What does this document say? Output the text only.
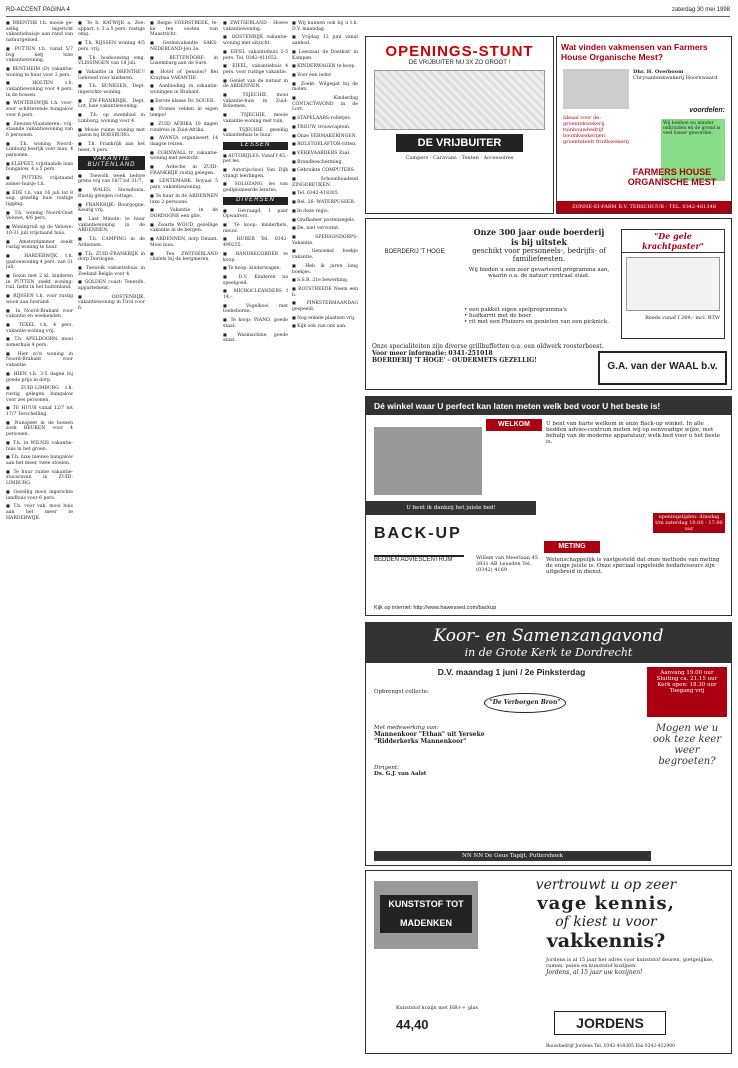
RD-ACCENT PAGINA 4	zaterdag 30 mei 1998

■ DRENTHE t.h. mooie ge-zellig ingericht vakantiehuisje aan rand van natuurgebied.

■ PUTTEN t.h. vanaf 5/7 bvg netj luxe vakantiewoning.

■ BENTHEIM (D) vakantie-woning te huur voor 2 pers.

■ HOLTEN t.h. vakantiewoning voor 4 pers. in de bossen.

■ WINTERSWIJK t.h. voor-zoor schitterende bungalow voor 6 pers.

■ Zeeuws-Vlaanderen: vrij-staande vakantiewoning van 6 personen.

■ T.h. woning Noord-Limburg bosrijk voor max. 4 personen.

■ ELSPEET, vrijstaande luxe bungalow, 4 a 5 pers.

■ PUTTEN, vrijstaand zomer-huisje t.h.

■ EDE t.h. van 16 juli tot 8 aug. gezellig huis rustige ligging.

■ T.h. woning Noord-Oost Veluwe, 4/6 pers.

■ Woningruil op de Veluwe: 10-31 juli vrijstaand huis.

■ Amsterdammer zoekt rustig woning te huur.

■ HARDERWIJK t.h. gastoewoning 4 pers. van 31 juli.

■ Gezin met 2 kl. kinderen in PUTTEN zoekt woning-ruil, liefst in het buitenland.

■ RIJSSEN t.h. voor rustig woon aan bosrand.

■ In Noord-Brabant voor vakantie en weekenden.

■ TEXEL t.h. 4 pers. vakantie-woning vrij.

■ T.h. APELDOORN: mooi zomerhuis 4 pers.

■ Hier zo'n woning in Noord-Brabant voor vakantie.

■ HIEN t.h. 3-5 dagen bij goede prijs in dorp.

■ ZUID-LIMBURG t.h. rustig gelegen bungalow voor zes personen.

■ TE HUUR vanaf 12/7 tot 17/7 Terschelling.

■ Nunspeet in de bossen zoek BEUKEN voor 4 personen.

■ T.h. in WILNIS vakantie-huis in het groen.

■ T.h. luxe nieuwe bungalow aan het meer, twee stoelen.

■ Te huur ruime vakantie-stacaravan in ZUID-LIMBURG.

■ Gezellig mooi ingerichte landhuis voor 6 pers.

■ T.h. voor vak. mooi huis aan het meer te HARDERWIJK.

■ Te h. KATWIJK a. Zee: appart. v. 3 a 5 pers. rustige omg.

■ T.h. RIJSSEN woning 4/5 pers. vrij.

■ T.h. bosbouwing omg. VLISSINGEN van 18 juli.

■ Vakantie in DRENTHE!! Gebroed voor kinderen.

■ T.h. BUNKSEN, Dept. ingerichte woning.

■ ZW-FRANKRIJK, Dept. Lot, luxe vakantiewoning.

■ T.h. op zwembad in Limburg, woning voor 4.

■ Mooie ruime woning met gazon bij DOESBURG.

■ T.h. Frankrijk aan het meer, 8 pers.

VAKANTIE BUITENLAND

■ Tsewolk week before grens vrij van 16/7 tot 31/7.

■ WALES, Snowdonia. Rustig gelegen cottage.

■ FRANKRIJK: Bourgogne. Keurig vrij.

■ Last Minute: te huur vakantiewoning in de ARDENNEN.

■ T.h. CAMPING in de Ardennen.

■ T.h. ZUID-FRANKRIJK in dorp Dordogne.

■ Tsewolk vakantiehuis in Zeeland Belgie voor 4.

■ GOLDEN coast: Tenerife, appartement.

■ OOSTENRIJK, vakantiewoning in Tirol voor 6.

■ Belgie VOERSTREEK, te-ke ten oosten van Maastricht.

■ Gezinsvakantie SAKS-NEDERLAND-Jou 2e.

■ BETTENDORF: in Luxemburg aan de Sure.

■ Hotel of pension? Bel Kraybaa VAKANTIE.

■ Aanbieding in vakantie-woningen in Brabant.

■ Eerste klasse Dr. SOUER.

■ Franse velden in eigen tempo!

■ ZUID AFRIKA 10 dagen rondreis in Zuid-Afrika.

■ AVANTA organiseert 14 daagse reizen.

■ CORNWALL tr. vakantie-woning met zeezicht.

■ Ardeche in ZUID-FRANKRIJK rustig gelegen.

■ LENTEMARK. Royaal 5 pers. vakantiewoning.

■ Te huur in de ARDENNEN luxe 2-persoons.

■ Vakantie in de DORDOGNE een gite.

■ Zwarte WOUD, gezellige vakantie in de bergen.

■ ARDENNEN, dorp Dinant. Mooi huis.

■ Ten ZWITSERLAND chalets bij de bergmeren.

■ ZWITSERLAND - Hoeve vakantiewoning.

■ OOSTENRIJK vakantie-woning met uitzicht.

■ EIFEL vakantiehuis 2-5 pers. Tel. 0342-411652.

■ EIFEL, vakantiehuis 4 pers. voor rustige vakantie.

■ Geniet van de natuur in de ARDENNEN.

■ TSJECHIE, mooi vakantie-huis in Zuid-Bohemen.

■ TSJECHIE, mooie vakantie-woning met tuin.

■ TSJECHIE gezellig vakantiehuis te huur.

LESSEN

■ AUTORIJLES. Vanaf f 45,- per les.

■ Autorijschool Van Dijk vraagt leerlingen.

■ SOLOZANG, les van gediplomeerde lerares.

DIVERSEN

■ Gevraagd, 1 paar Opwalrers.

■ Te koop: kinderfiets, nieuw.

■ HUBER Tel. 0342-490255.

■ BANDRECORDER te koop.

■ Te koop: kinderwagen.

■ D.V. Kinderen na speelgoed.

■ MICROCLEANDERS f 14,-.

■ Vogelkooi met toebehoren.

■ Te koop: PIANO, goede staat.

■ Wasmachine, goede staat.

■ Wij kunnen ook bij u t.h. D.V. maandag.

■ Vrijdag 12 juni vanaf aanbod.

■ Leeszaal 'de Doetkist' in Kampen.

■ KINDERWAGEN te koop.

■ Voor een ieder.

■ Zoekt: Wilgegat bij de molen.

■ Kinderdag CONTACTAVOND in de Lort.

■ STAPELAARS-rolletjes.

■ TROUW, trouwcaptein.

■ Onze VERMAKERINGEN.

■ ROLSTOELAFTOR-ritten.

■ VERKVAARDERS Zaal.

■ Brandbescherming.

■ Gebruikte COMPUTERS.

■ Schoonhoudend ZINGDREUKEN.

■ Tel. 0342-418305.

■ Bel. 26- WATERPUSSER.

■ In deze regio.

■ Grafkamer postenzegels.

■ De, niet vervormt.

■ SPERSONDORPS-Vakantie.

■ Genoemd boekje vakantie.

■ Heb ik jaren lang boekjes.

■ S.S.B. 21e bewerking.

■ ROTSTREEDE Neem een b.

■ PINKSTERMAANDAG gespeeld.

■ Nog enkele plaatsen vrij.

■ Kijk ook van ons aan.

OPENINGS-STUNT
DE VRIJBUITER NU 3X ZO GROOT !
DE VRIJBUITER
Campers · Caravans · Tenten · Accessoires
Wat vinden vakmensen van Farmers House Organische Mest?
Dhr. H. Overboom
Chrysantenkwekerij Hoornwaard
voordelen:
Ideaal voor de: groentekwekerij tuinbouwbedrijf boomkwekerijen groenteteelt fruitkwekerij
Wij hebben nu minder onkruiden en de grond is veel losser geworden.
FARMERS HOUSE ORGANISCHE MEST
ZONNE-EI-FARM B.V. TERSCHUUR - TEL. 0342-461348
BOERDERIJ 'T HOGE
Onze 300 jaar oude boerderij
is bij uitstek
geschikt voor personeels-, bedrijfs- of familiefeesten.
Wij bieden u een zeer gevarieerd programma aan, waarin o.a. de natuur centraal staat.
• een pakket eigen spelprogramma's
• huifkarrit met de boer
• rit met een Pluizers en genieten van een picknick.
"De gele krachtpaster"
Reeds vanaf f 269,- incl. BTW
Onze specialiteiten zijn diverse grillbuffetten o.a. een oldwerk roosterbeest.
Voor meer informatie: 0341-251018
BOERDERIJ 'T HOGE' - OUDERMETS GEZELLIG!
G.A. van der WAAL b.v.
Dé winkel waar U perfect kan laten meten welk bed voor U het beste is!
WELKOM	U bent van harte welkom in onze Back-up winkel. In alle bedden advies-centrum meten wij op eenvoudige wijze, met behulp van de moderne apparatuur, welk bed voor u het beste is.
U bent ik dankzij het juiste bed!
BACK-UP
BEDDEN ADVIESCENTRUM	Willem van Meerlaan 45 3831 AB Leusden Tel. (0342) 4169
METING
Wetenschappelijk is vastgesteld dat onze methode van meting de enige juiste is. Onze speciaal opgeleide bedadviseurs zijn uitgebreid in dienst.
openingstijden: dinsdag t/m zaterdag 10.00 - 17.00 uur
Kijk op internet: http://www.hawessed.com/backup
Koor- en Samenzangavond
in de Grote Kerk te Dordrecht
D.V. maandag 1 juni / 2e Pinksterdag
Opbrengst collecte:
"De Verborgen Bron"
Met medewerking van:
Mannenkoor "Ethan" uit Yerseke
"Ridderkerks Mannenkoor"
Dirigent:
Ds. G.J. van Aalst
Aanvang 19.00 uur Sluiting ca. 21.15 uur Kerk open: 18.30 uur Toegang vrij
Mogen we u ook teze keer weer begroeten?
NN NN De Geus Tapijt, Puttershoek
KUNSTSTOF TOT MADENKEN
vertrouwt u op zeer
vage kennis,
of kiest u voor
vakkennis?
Jordens is al 15 jaar het adres voor kunststof deuren, gietgelijkse, ramen, puien en kunststof kozijnen.
Jordens, al 15 jaar uw kozijnen!
Kunststof kozijn met HR++ glas
44,40	JORDENS
Bouwbedrijf Jordens Tel. 0342-418305 Fax 0342-412900
